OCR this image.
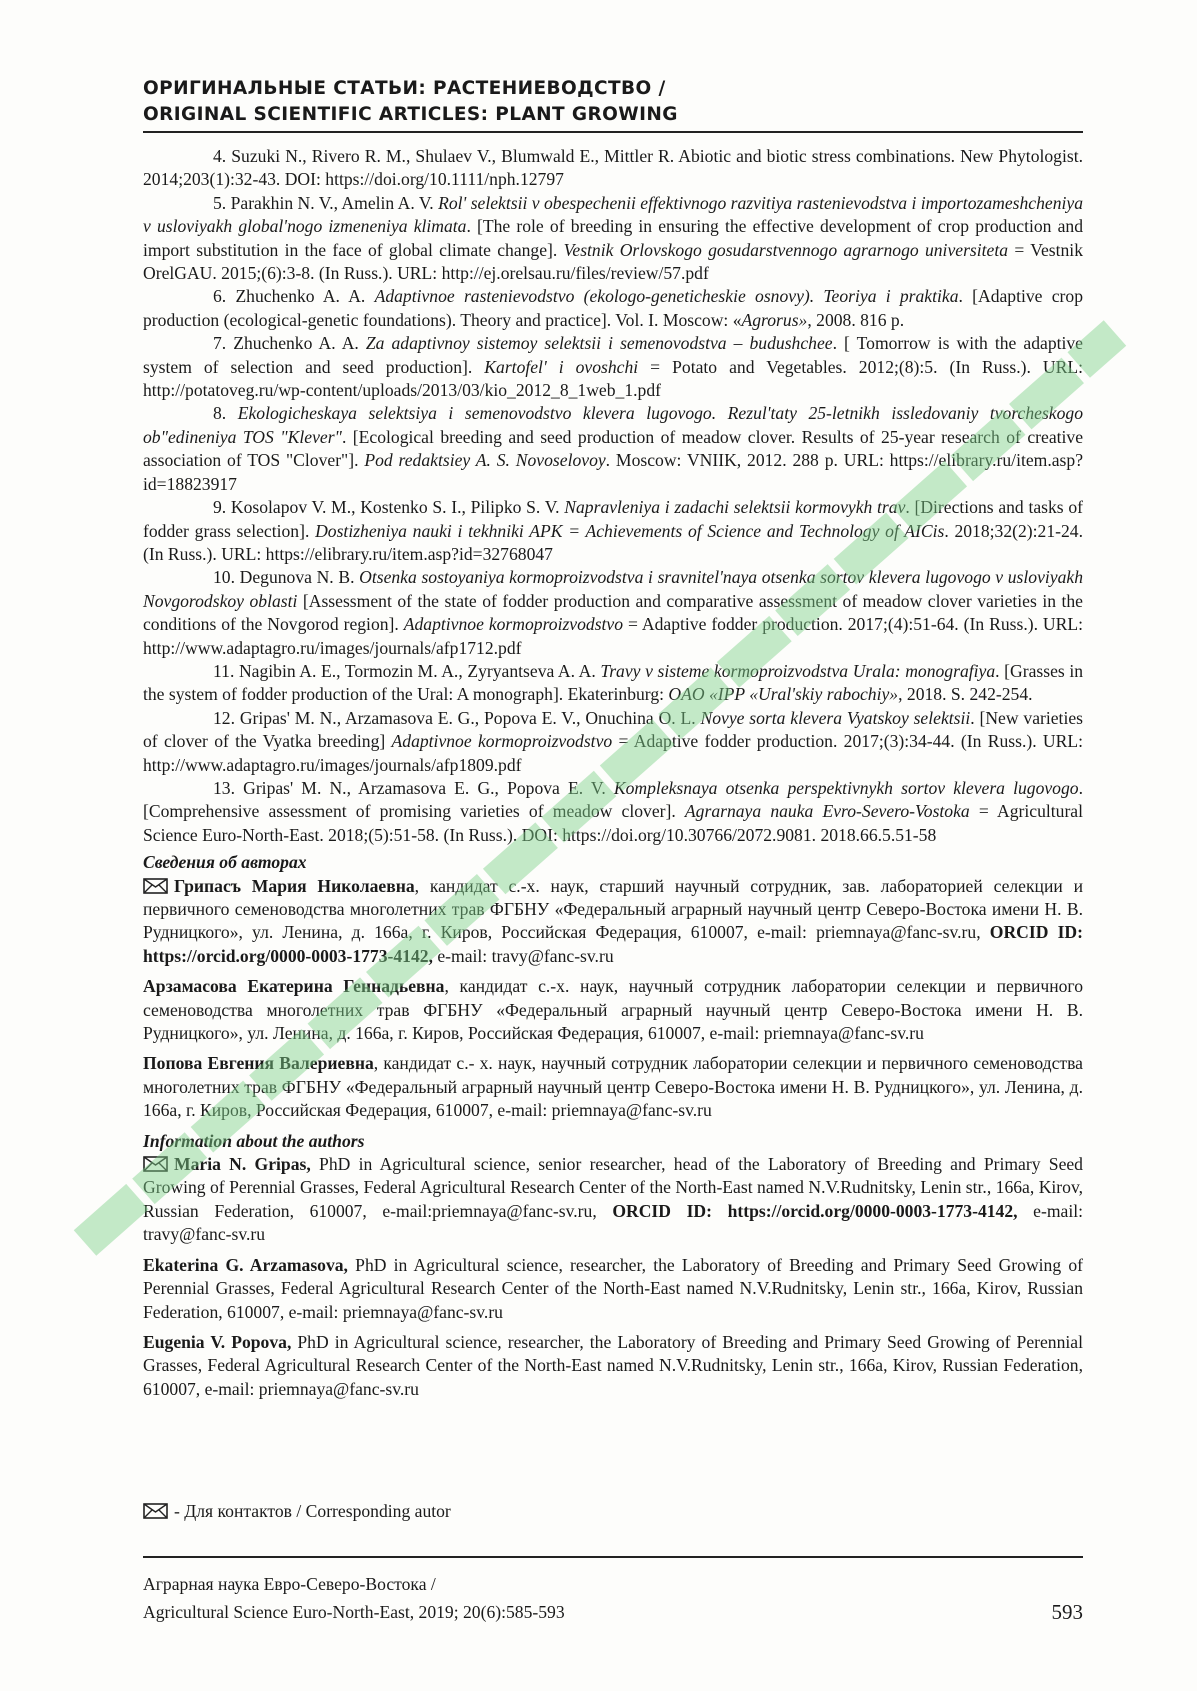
ОРИГИНАЛЬНЫЕ СТАТЬИ: РАСТЕНИЕВОДСТВО /
ORIGINAL SCIENTIFIC ARTICLES: PLANT GROWING

4. Suzuki N., Rivero R. M., Shulaev V., Blumwald E., Mittler R. Abiotic and biotic stress combinations. New Phytologist. 2014;203(1):32-43. DOI: https://doi.org/10.1111/nph.12797

5. Parakhin N. V., Amelin A. V. Rol' selektsii v obespechenii effektivnogo razvitiya rastenievodstva i importozameshcheniya v usloviyakh global'nogo izmeneniya klimata. [The role of breeding in ensuring the effective development of crop production and import substitution in the face of global climate change]. Vestnik Orlovskogo gosudarstvennogo agrarnogo universiteta = Vestnik OrelGAU. 2015;(6):3-8. (In Russ.). URL: http://ej.orelsau.ru/files/review/57.pdf

6. Zhuchenko A. A. Adaptivnoe rastenievodstvo (ekologo-geneticheskie osnovy). Teoriya i praktika. [Adaptive crop production (ecological-genetic foundations). Theory and practice]. Vol. I. Moscow: «Agrorus», 2008. 816 p.

7. Zhuchenko A. A. Za adaptivnoy sistemoy selektsii i semenovodstva – budushchee. [ Tomorrow is with the adaptive system of selection and seed production]. Kartofel' i ovoshchi = Potato and Vegetables. 2012;(8):5. (In Russ.). URL: http://potatoveg.ru/wp-content/uploads/2013/03/kio_2012_8_1web_1.pdf

8. Ekologicheskaya selektsiya i semenovodstvo klevera lugovogo. Rezul'taty 25-letnikh issledovaniy tvorcheskogo ob"edineniya TOS "Klever". [Ecological breeding and seed production of meadow clover. Results of 25-year research of creative association of TOS "Clover"]. Pod redaktsiey A. S. Novoselovoy. Moscow: VNIIK, 2012. 288 p. URL: https://elibrary.ru/item.asp?id=18823917

9. Kosolapov V. M., Kostenko S. I., Pilipko S. V. Napravleniya i zadachi selektsii kormovykh trav. [Directions and tasks of fodder grass selection]. Dostizheniya nauki i tekhniki APK = Achievements of Science and Technology of AICis. 2018;32(2):21-24. (In Russ.). URL: https://elibrary.ru/item.asp?id=32768047

10. Degunova N. B. Otsenka sostoyaniya kormoproizvodstva i sravnitel'naya otsenka sortov klevera lugovogo v usloviyakh Novgorodskoy oblasti [Assessment of the state of fodder production and comparative assessment of meadow clover varieties in the conditions of the Novgorod region]. Adaptivnoe kormoproizvodstvo = Adaptive fodder production. 2017;(4):51-64. (In Russ.). URL: http://www.adaptagro.ru/images/journals/afp1712.pdf

11. Nagibin A. E., Tormozin M. A., Zyryantseva A. A. Travy v sisteme kormoproizvodstva Urala: monografiya. [Grasses in the system of fodder production of the Ural: A monograph]. Ekaterinburg: OAO «IPP «Ural'skiy rabochiy», 2018. S. 242-254.

12. Gripas' M. N., Arzamasova E. G., Popova E. V., Onuchina O. L. Novye sorta klevera Vyatskoy selektsii. [New varieties of clover of the Vyatka breeding] Adaptivnoe kormoproizvodstvo = Adaptive fodder production. 2017;(3):34-44. (In Russ.). URL: http://www.adaptagro.ru/images/journals/afp1809.pdf

13. Gripas' M. N., Arzamasova E. G., Popova E. V. Kompleksnaya otsenka perspektivnykh sortov klevera lugovogo. [Comprehensive assessment of promising varieties of meadow clover]. Agrarnaya nauka Evro-Severo-Vostoka = Agricultural Science Euro-North-East. 2018;(5):51-58. (In Russ.). DOI: https://doi.org/10.30766/2072.9081. 2018.66.5.51-58

Сведения об авторах

Грипасъ Мария Николаевна, кандидат с.-х. наук, старший научный сотрудник, зав. лабораторией селекции и первичного семеноводства многолетних трав ФГБНУ «Федеральный аграрный научный центр Северо-Востока имени Н. В. Рудницкого», ул. Ленина, д. 166а, г. Киров, Российская Федерация, 610007, e-mail: priemnaya@fanc-sv.ru, ORCID ID: https://orcid.org/0000-0003-1773-4142, e-mail: travy@fanc-sv.ru

Арзамасова Екатерина Геннадьевна, кандидат с.-х. наук, научный сотрудник лаборатории селекции и первичного семеноводства многолетних трав ФГБНУ «Федеральный аграрный научный центр Северо-Востока имени Н. В. Рудницкого», ул. Ленина, д. 166а, г. Киров, Российская Федерация, 610007, e-mail: priemnaya@fanc-sv.ru

Попова Евгения Валериевна, кандидат с.- х. наук, научный сотрудник лаборатории селекции и первичного семеноводства многолетних трав ФГБНУ «Федеральный аграрный научный центр Северо-Востока имени Н. В. Рудницкого», ул. Ленина, д. 166а, г. Киров, Российская Федерация, 610007, e-mail: priemnaya@fanc-sv.ru

Information about the authors

Maria N. Gripas, PhD in Agricultural science, senior researcher, head of the Laboratory of Breeding and Primary Seed Growing of Perennial Grasses, Federal Agricultural Research Center of the North-East named N.V.Rudnitsky, Lenin str., 166a, Kirov, Russian Federation, 610007, e-mail:priemnaya@fanc-sv.ru, ORCID ID: https://orcid.org/0000-0003-1773-4142, e-mail: travy@fanc-sv.ru

Ekaterina G. Arzamasova, PhD in Agricultural science, researcher, the Laboratory of Breeding and Primary Seed Growing of Perennial Grasses, Federal Agricultural Research Center of the North-East named N.V.Rudnitsky, Lenin str., 166a, Kirov, Russian Federation, 610007, e-mail: priemnaya@fanc-sv.ru

Eugenia V. Popova, PhD in Agricultural science, researcher, the Laboratory of Breeding and Primary Seed Growing of Perennial Grasses, Federal Agricultural Research Center of the North-East named N.V.Rudnitsky, Lenin str., 166a, Kirov, Russian Federation, 610007, e-mail: priemnaya@fanc-sv.ru

- Для контактов / Corresponding autor
Аграрная наука Евро-Северо-Востока /
Agricultural Science Euro-North-East, 2019; 20(6):585-593	593
